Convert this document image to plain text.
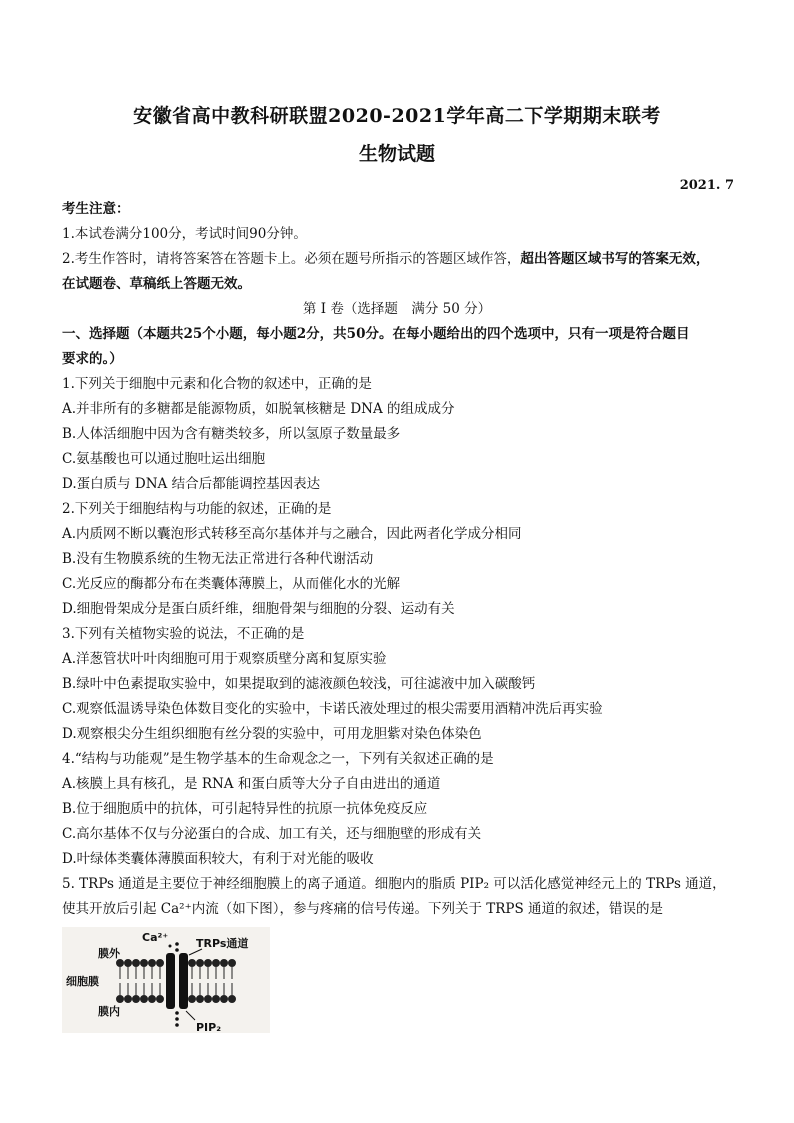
安徽省高中教科研联盟2020-2021学年高二下学期期末联考
生物试题
2021. 7
考生注意：
1.本试卷满分100分，考试时间90分钟。
2.考生作答时，请将答案答在答题卡上。必须在题号所指示的答题区域作答，超出答题区域书写的答案无效，
在试题卷、草稿纸上答题无效。
第 I 卷（选择题　满分 50 分）
一、选择题（本题共25个小题，每小题2分，共50分。在每小题给出的四个选项中，只有一项是符合题目
要求的。）
1.下列关于细胞中元素和化合物的叙述中，正确的是
A.并非所有的多糖都是能源物质，如脱氧核糖是 DNA 的组成成分
B.人体活细胞中因为含有糖类较多，所以氢原子数量最多
C.氨基酸也可以通过胞吐运出细胞
D.蛋白质与 DNA 结合后都能调控基因表达
2.下列关于细胞结构与功能的叙述，正确的是
A.内质网不断以囊泡形式转移至高尔基体并与之融合，因此两者化学成分相同
B.没有生物膜系统的生物无法正常进行各种代谢活动
C.光反应的酶都分布在类囊体薄膜上，从而催化水的光解
D.细胞骨架成分是蛋白质纤维，细胞骨架与细胞的分裂、运动有关
3.下列有关植物实验的说法，不正确的是
A.洋葱管状叶叶肉细胞可用于观察质壁分离和复原实验
B.绿叶中色素提取实验中，如果提取到的滤液颜色较浅，可往滤液中加入碳酸钙
C.观察低温诱导染色体数目变化的实验中，卡诺氏液处理过的根尖需要用酒精冲洗后再实验
D.观察根尖分生组织细胞有丝分裂的实验中，可用龙胆紫对染色体染色
4.“结构与功能观”是生物学基本的生命观念之一，下列有关叙述正确的是
A.核膜上具有核孔，是 RNA 和蛋白质等大分子自由进出的通道
B.位于细胞质中的抗体，可引起特异性的抗原一抗体免疫反应
C.高尔基体不仅与分泌蛋白的合成、加工有关，还与细胞壁的形成有关
D.叶绿体类囊体薄膜面积较大，有利于对光能的吸收
5. TRPs 通道是主要位于神经细胞膜上的离子通道。细胞内的脂质 PIP₂ 可以活化感觉神经元上的 TRPs 通道，
使其开放后引起 Ca²⁺内流（如下图），参与疼痛的信号传递。下列关于 TRPS 通道的叙述，错误的是
Ca²⁺	TRPs通道
膜外
细胞膜
膜内
PIP₂
